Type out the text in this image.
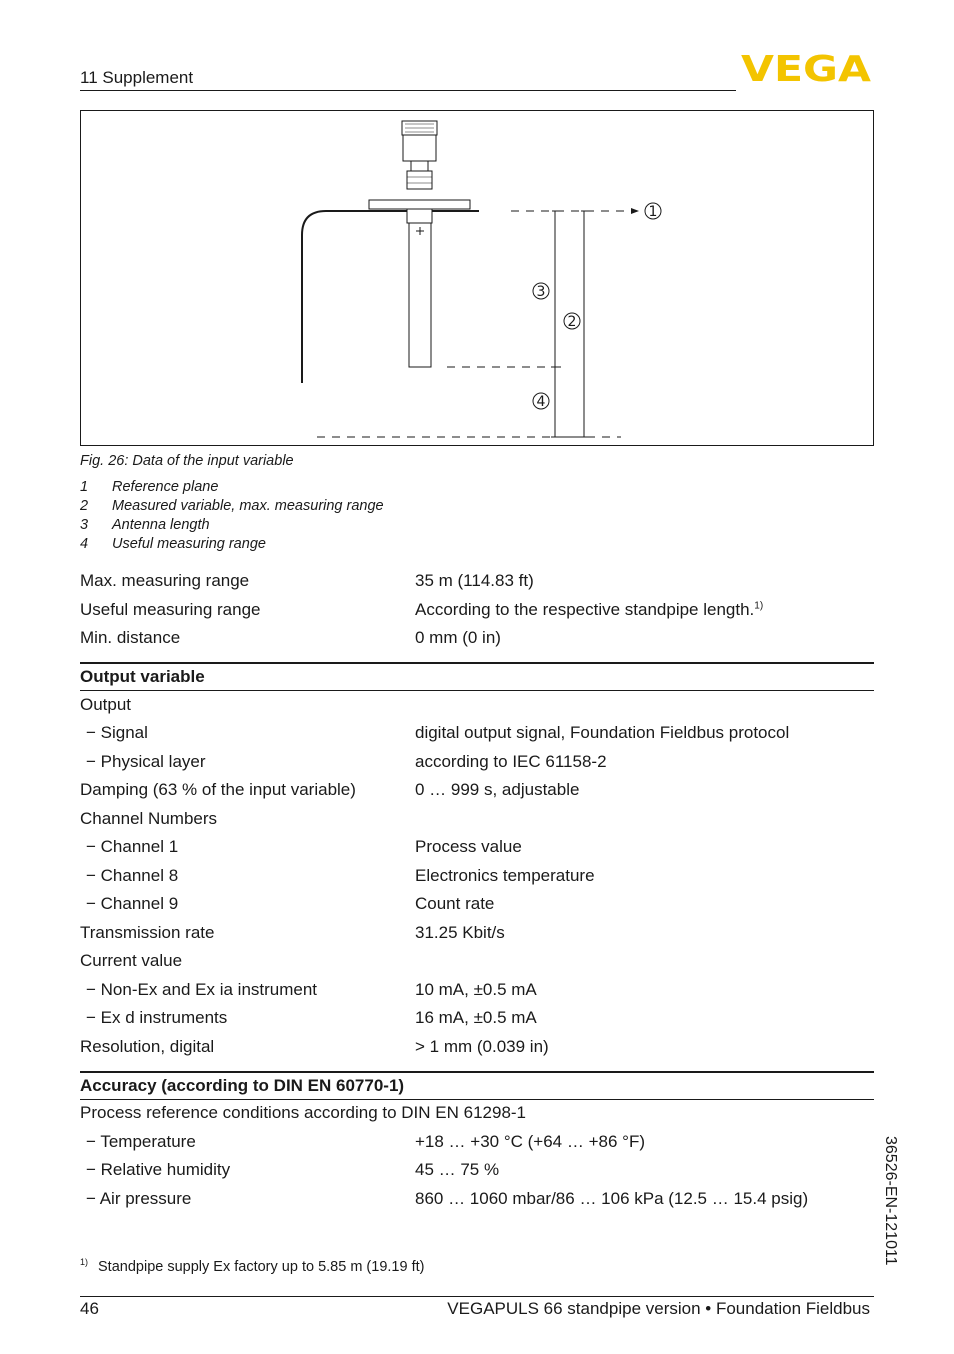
11 Supplement	VEGA
1
3
2
4
Fig. 26: Data of the input variable
1	Reference plane
2	Measured variable, max. measuring range
3	Antenna length
4	Useful measuring range
Max. measuring range	35 m (114.83 ft)
Useful measuring range	According to the respective standpipe length.$^{1)}$
Min. distance	0 mm (0 in)
Output variable
Output
− Signal	digital output signal, Foundation Fieldbus protocol
− Physical layer	according to IEC 61158-2
Damping (63 % of the input variable)	0 … 999 s, adjustable
Channel Numbers
− Channel 1	Process value
− Channel 8	Electronics temperature
− Channel 9	Count rate
Transmission rate	31.25 Kbit/s
Current value
− Non-Ex and Ex ia instrument	10 mA, ±0.5 mA
− Ex d instruments	16 mA, ±0.5 mA
Resolution, digital	> 1 mm (0.039 in)
Accuracy (according to DIN EN 60770-1)
Process reference conditions according to DIN EN 61298-1
− Temperature	+18 … +30 °C (+64 … +86 °F)
− Relative humidity	45 … 75 %
− Air pressure	860 … 1060 mbar/86 … 106 kPa (12.5 … 15.4 psig)
$^{1)}$ Standpipe supply Ex factory up to 5.85 m (19.19 ft)
36526-EN-121011
46	VEGAPULS 66 standpipe version • Foundation Fieldbus
